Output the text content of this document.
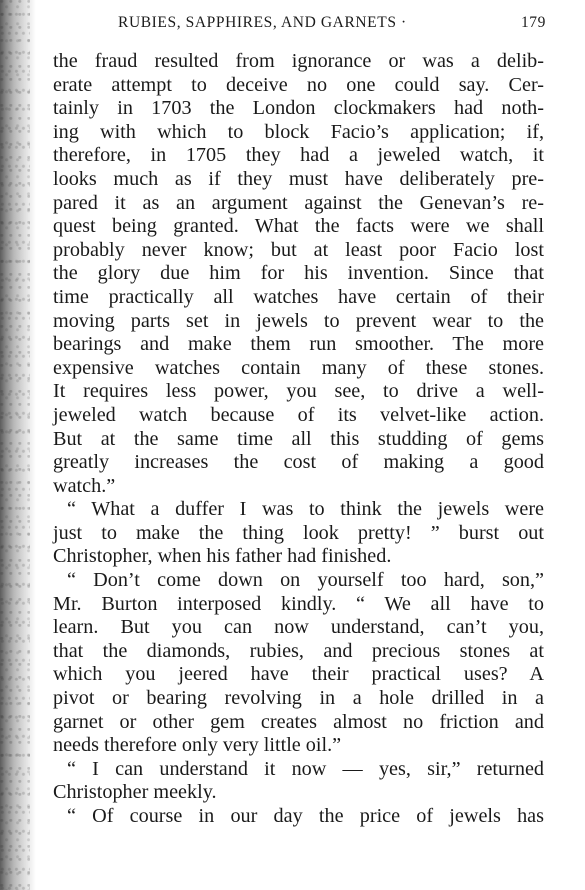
RUBIES, SAPPHIRES, AND GARNETS ·	179
the fraud resulted from ignorance or was a delib-
erate attempt to deceive no one could say. Cer-
tainly in 1703 the London clockmakers had noth-
ing with which to block Facio’s application; if,
therefore, in 1705 they had a jeweled watch, it
looks much as if they must have deliberately pre-
pared it as an argument against the Genevan’s re-
quest being granted. What the facts were we shall
probably never know; but at least poor Facio lost
the glory due him for his invention. Since that
time practically all watches have certain of their
moving parts set in jewels to prevent wear to the
bearings and make them run smoother. The more
expensive watches contain many of these stones.
It requires less power, you see, to drive a well-
jeweled watch because of its velvet-like action.
But at the same time all this studding of gems
greatly increases the cost of making a good
watch.”
“ What a duffer I was to think the jewels were
just to make the thing look pretty! ” burst out
Christopher, when his father had finished.
“ Don’t come down on yourself too hard, son,”
Mr. Burton interposed kindly. “ We all have to
learn. But you can now understand, can’t you,
that the diamonds, rubies, and precious stones at
which you jeered have their practical uses? A
pivot or bearing revolving in a hole drilled in a
garnet or other gem creates almost no friction and
needs therefore only very little oil.”
“ I can understand it now — yes, sir,” returned
Christopher meekly.
“ Of course in our day the price of jewels has
